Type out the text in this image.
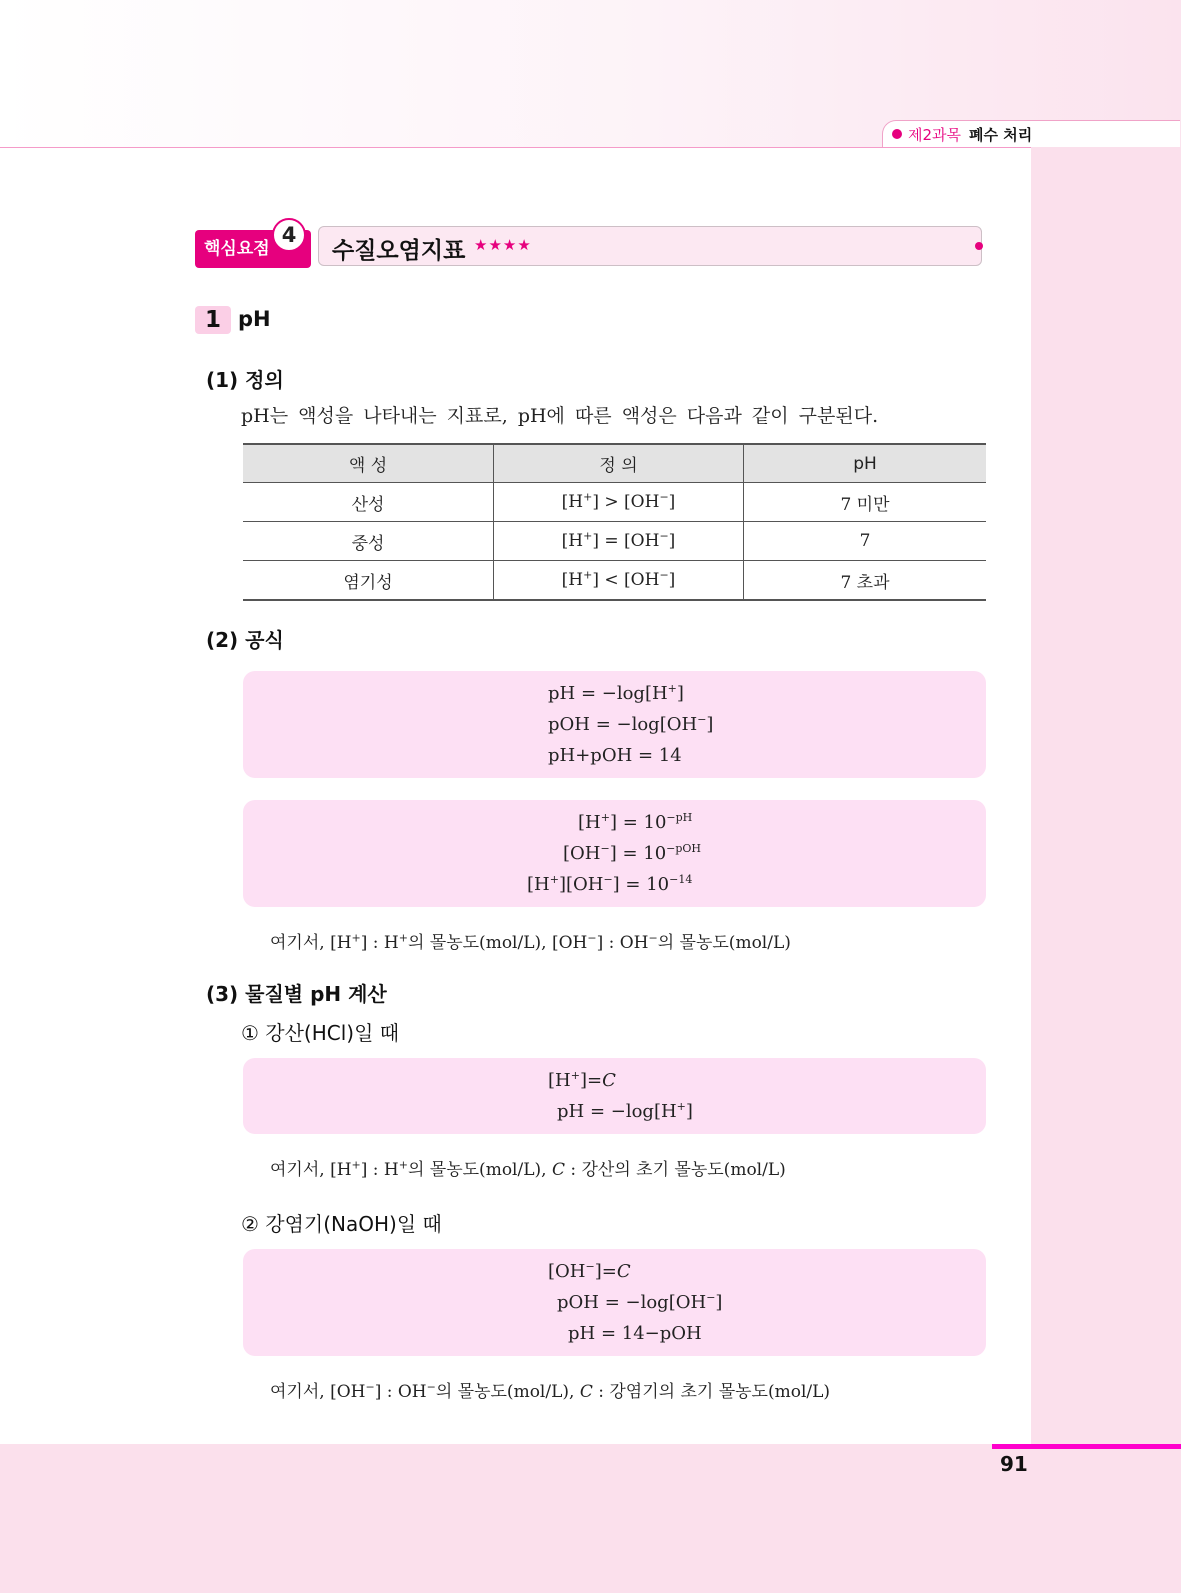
91
제2과목 폐수 처리
핵심요점
4
수질오염지표 ★★★★
1 pH
(1) 정의
pH는 액성을 나타내는 지표로, pH에 따른 액성은 다음과 같이 구분된다.
액 성	정 의	pH
산성	[H+] > [OH−]	7 미만
중성	[H+] = [OH−]	7
염기성	[H+] < [OH−]	7 초과
(2) 공식
pH = −log[H+]
pOH = −log[OH−]
pH+pOH = 14
$[H^+] = 10^{-pH}$
$[OH^-] = 10^{-pOH}$
$[H^+][OH^-] = 10^{-14}$
여기서, [H+] : H+의 몰농도(mol/L), [OH−] : OH−의 몰농도(mol/L)
(3) 물질별 pH 계산
① 강산(HCl)일 때
[H+]=C
pH = −log[H+]
여기서, [H+] : H+의 몰농도(mol/L), C : 강산의 초기 몰농도(mol/L)
② 강염기(NaOH)일 때
[OH−]=C
pOH = −log[OH−]
pH = 14−pOH
여기서, [OH−] : OH−의 몰농도(mol/L), C : 강염기의 초기 몰농도(mol/L)
